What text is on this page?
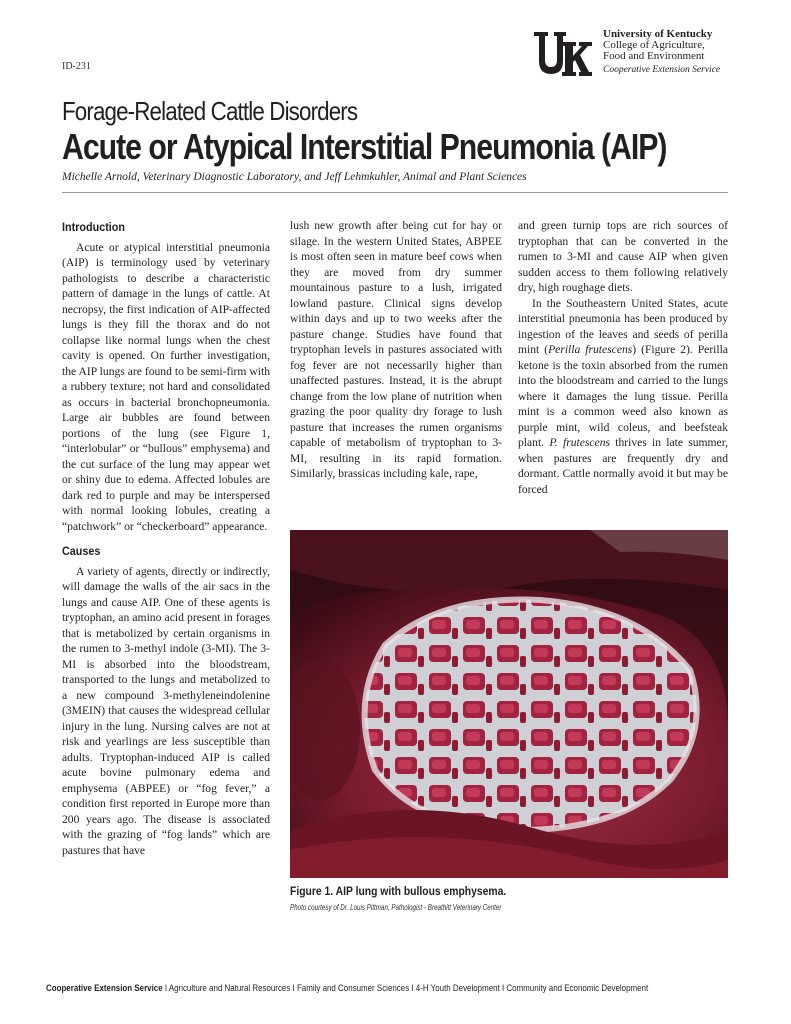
ID-231
University of Kentucky
College of Agriculture,
Food and Environment
Cooperative Extension Service
Forage-Related Cattle Disorders
Acute or Atypical Interstitial Pneumonia (AIP)
Michelle Arnold, Veterinary Diagnostic Laboratory, and Jeff Lehmkuhler, Animal and Plant Sciences
Introduction

Acute or atypical interstitial pneumonia (AIP) is terminology used by veterinary pathologists to describe a characteristic pattern of damage in the lungs of cattle. At necropsy, the first indication of AIP-affected lungs is they fill the thorax and do not collapse like normal lungs when the chest cavity is opened. On further investigation, the AIP lungs are found to be semi-firm with a rubbery texture; not hard and consolidated as occurs in bacterial bronchopneumonia. Large air bubbles are found between portions of the lung (see Figure 1, “interlobular” or “bullous” emphysema) and the cut surface of the lung may appear wet or shiny due to edema. Affected lobules are dark red to purple and may be interspersed with normal looking lobules, creating a “patchwork” or “checkerboard” appearance.

Causes

A variety of agents, directly or indirectly, will damage the walls of the air sacs in the lungs and cause AIP. One of these agents is tryptophan, an amino acid present in forages that is metabolized by certain organisms in the rumen to 3-methyl indole (3-MI). The 3-MI is absorbed into the bloodstream, transported to the lungs and metabolized to a new compound 3-methyleneindolenine (3MEIN) that causes the widespread cellular injury in the lung. Nursing calves are not at risk and yearlings are less susceptible than adults. Tryptophan-induced AIP is called acute bovine pulmonary edema and emphysema (ABPEE) or “fog fever,” a condition first reported in Europe more than 200 years ago. The disease is associated with the grazing of “fog lands” which are pastures that have

lush new growth after being cut for hay or silage. In the western United States, ABPEE is most often seen in mature beef cows when they are moved from dry summer mountainous pasture to a lush, irrigated lowland pasture. Clinical signs develop within days and up to two weeks after the pasture change. Studies have found that tryptophan levels in pastures associated with fog fever are not necessarily higher than unaffected pastures. Instead, it is the abrupt change from the low plane of nutrition when grazing the poor quality dry forage to lush pasture that increases the rumen organisms capable of metabolism of tryptophan to 3-MI, resulting in its rapid formation. Similarly, brassicas including kale, rape,

and green turnip tops are rich sources of tryptophan that can be converted in the rumen to 3-MI and cause AIP when given sudden access to them following relatively dry, high roughage diets.

In the Southeastern United States, acute interstitial pneumonia has been produced by ingestion of the leaves and seeds of perilla mint (Perilla frutescens) (Figure 2). Perilla ketone is the toxin absorbed from the rumen into the bloodstream and carried to the lungs where it damages the lung tissue. Perilla mint is a common weed also known as purple mint, wild coleus, and beefsteak plant. P. frutescens thrives in late summer, when pastures are frequently dry and dormant. Cattle normally avoid it but may be forced

Figure 1. AIP lung with bullous emphysema.
Photo courtesy of Dr. Louis Pittman, Pathologist - Breathitt Veterinary Center
Cooperative Extension Service I Agriculture and Natural Resources I Family and Consumer Sciences I 4-H Youth Development I Community and Economic Development
